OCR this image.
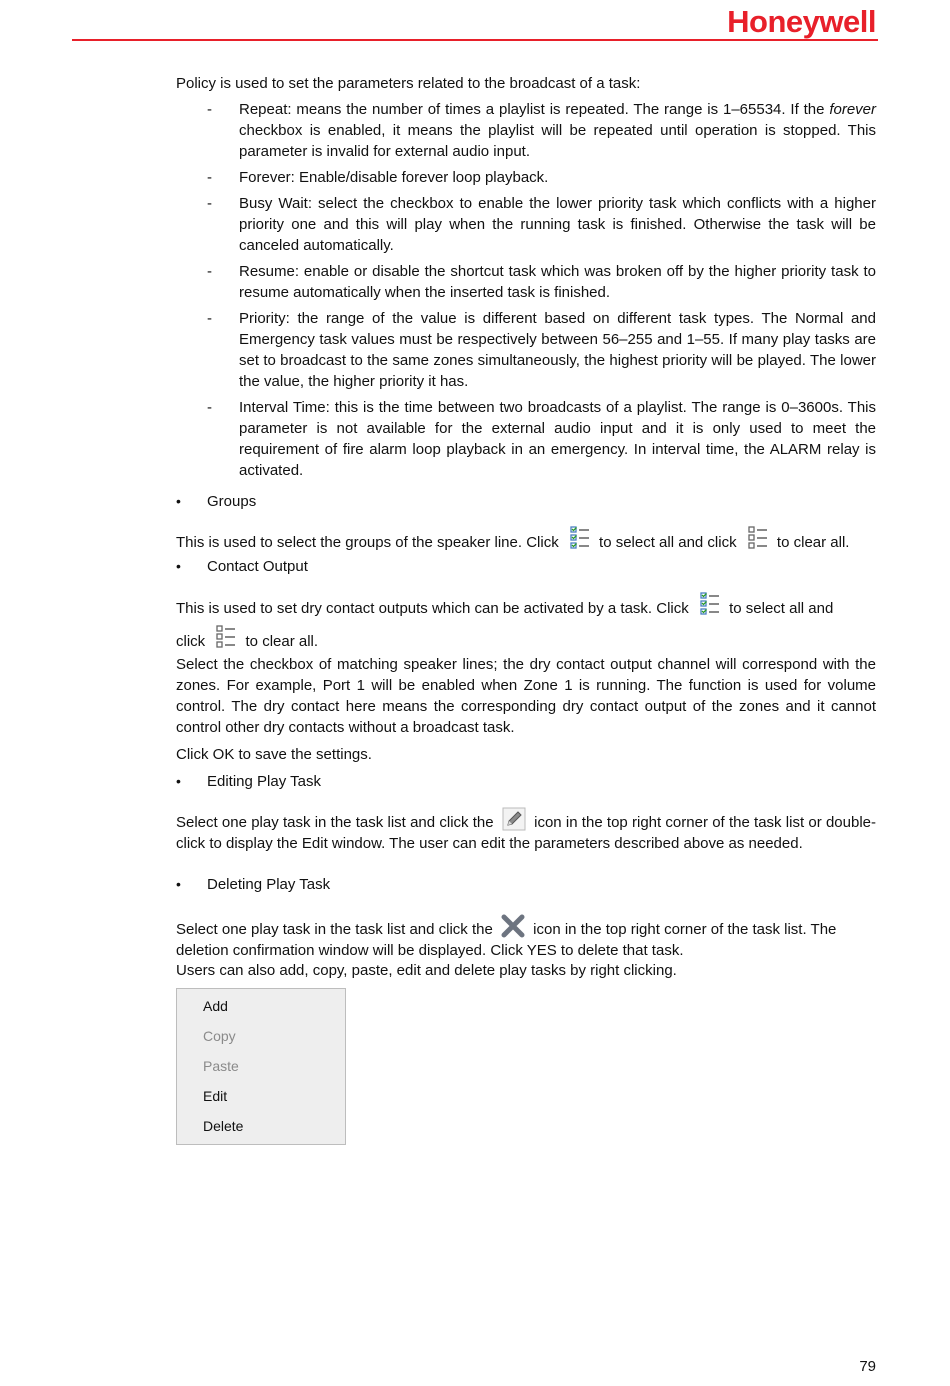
Honeywell

Policy is used to set the parameters related to the broadcast of a task:

- Repeat: means the number of times a playlist is repeated. The range is 1–65534. If the forever checkbox is enabled, it means the playlist will be repeated until operation is stopped. This parameter is invalid for external audio input.
- Forever: Enable/disable forever loop playback.
- Busy Wait: select the checkbox to enable the lower priority task which conflicts with a higher priority one and this will play when the running task is finished. Otherwise the task will be canceled automatically.
- Resume: enable or disable the shortcut task which was broken off by the higher priority task to resume automatically when the inserted task is finished.
- Priority: the range of the value is different based on different task types. The Normal and Emergency task values must be respectively between 56–255 and 1–55. If many play tasks are set to broadcast to the same zones simultaneously, the highest priority will be played. The lower the value, the higher priority it has.
- Interval Time: this is the time between two broadcasts of a playlist. The range is 0–3600s. This parameter is not available for the external audio input and it is only used to meet the requirement of fire alarm loop playback in an emergency. In interval time, the ALARM relay is activated.
• Groups

This is used to select the groups of the speaker line. Click  to select all and click  to clear all.

• Contact Output

This is used to set dry contact outputs which can be activated by a task. Click  to select all and

click  to clear all.

Select the checkbox of matching speaker lines; the dry contact output channel will correspond with the zones. For example, Port 1 will be enabled when Zone 1 is running. The function is used for volume control. The dry contact here means the corresponding dry contact output of the zones and it cannot control other dry contacts without a broadcast task.

Click OK to save the settings.

• Editing Play Task

Select one play task in the task list and click the  icon in the top right corner of the task list or double-click to display the Edit window. The user can edit the parameters described above as needed.

• Deleting Play Task

Select one play task in the task list and click the  icon in the top right corner of the task list. The deletion confirmation window will be displayed. Click YES to delete that task.

Users can also add, copy, paste, edit and delete play tasks by right clicking.

Add
Copy
Paste
Edit
Delete
79
